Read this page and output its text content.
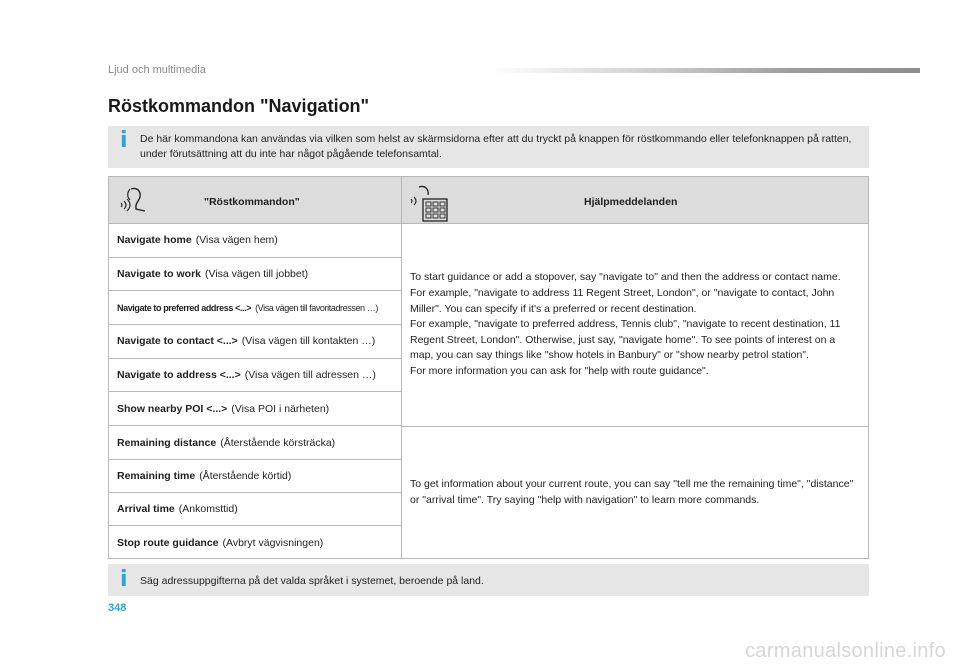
Ljud och multimedia
Röstkommandon "Navigation"
i De här kommandona kan användas via vilken som helst av skärmsidorna efter att du tryckt på knappen för röstkommando eller telefonknappen på ratten, under förutsättning att du inte har något pågående telefonsamtal.
"Röstkommandon"	Hjälpmeddelanden
Navigate home (Visa vägen hem)
Navigate to work (Visa vägen till jobbet)
Navigate to preferred address <...> (Visa vägen till favoritadressen …)
Navigate to contact <...> (Visa vägen till kontakten …)
Navigate to address <...> (Visa vägen till adressen …)
Show nearby POI <...> (Visa POI i närheten)
To start guidance or add a stopover, say "navigate to" and then the address or contact name.
For example, "navigate to address 11 Regent Street, London", or "navigate to contact, John Miller". You can specify if it's a preferred or recent destination.
For example, "navigate to preferred address, Tennis club", "navigate to recent destination, 11 Regent Street, London". Otherwise, just say, "navigate home". To see points of interest on a map, you can say things like "show hotels in Banbury" or "show nearby petrol station".
For more information you can ask for "help with route guidance".
Remaining distance (Återstående körsträcka)
Remaining time (Återstående körtid)
Arrival time (Ankomsttid)
Stop route guidance (Avbryt vägvisningen)
To get information about your current route, you can say "tell me the remaining time", "distance" or "arrival time". Try saying "help with navigation" to learn more commands.
i Säg adressuppgifterna på det valda språket i systemet, beroende på land.
348
carmanualsonline.info
